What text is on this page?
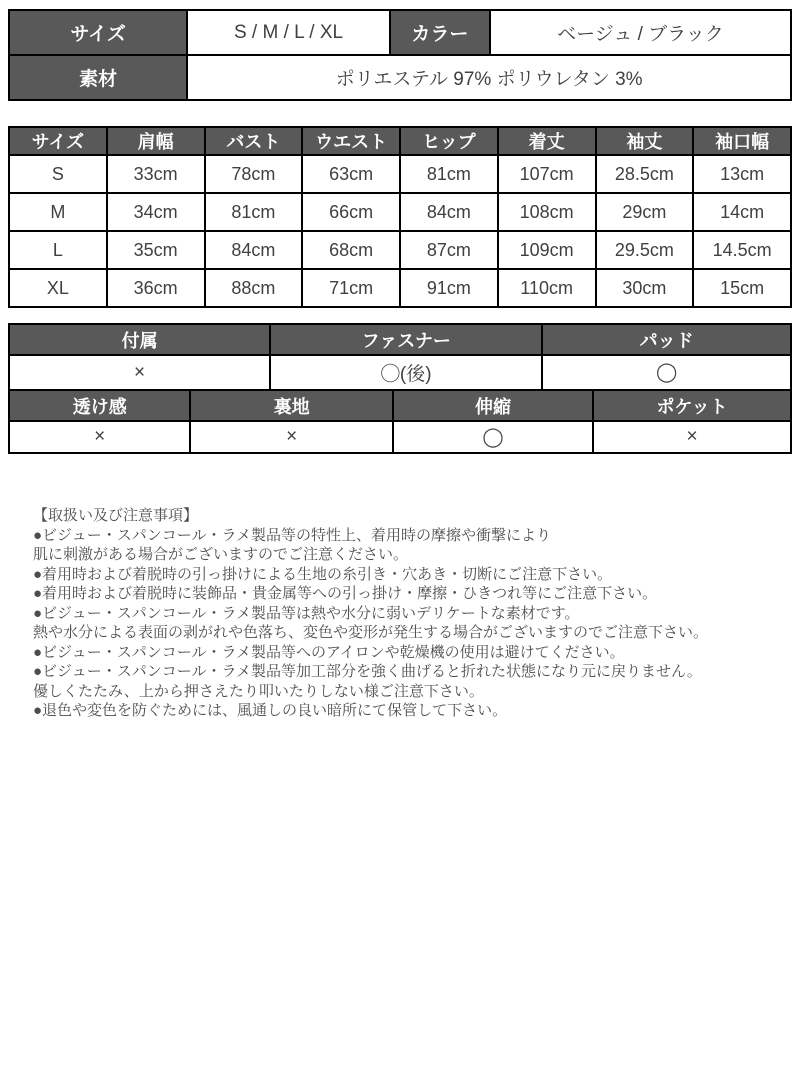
サイズ	S / M / L / XL	カラー	ベージュ / ブラック
素材	ポリエステル 97% ポリウレタン 3%		
サイズ	肩幅	バスト	ウエスト	ヒップ	着丈	袖丈	袖口幅
S	33cm	78cm	63cm	81cm	107cm	28.5cm	13cm
M	34cm	81cm	66cm	84cm	108cm	29cm	14cm
L	35cm	84cm	68cm	87cm	109cm	29.5cm	14.5cm
XL	36cm	88cm	71cm	91cm	110cm	30cm	15cm
付属	ファスナー	パッド
×	◯(後)	◯
透け感	裏地	伸縮	ポケット
×	×	◯	×
【取扱い及び注意事項】
●ビジュー・スパンコール・ラメ製品等の特性上、着用時の摩擦や衝撃により
肌に刺激がある場合がございますのでご注意ください。
●着用時および着脱時の引っ掛けによる生地の糸引き・穴あき・切断にご注意下さい。
●着用時および着脱時に装飾品・貴金属等への引っ掛け・摩擦・ひきつれ等にご注意下さい。
●ビジュー・スパンコール・ラメ製品等は熱や水分に弱いデリケートな素材です。
熱や水分による表面の剥がれや色落ち、変色や変形が発生する場合がございますのでご注意下さい。
●ビジュー・スパンコール・ラメ製品等へのアイロンや乾燥機の使用は避けてください。
●ビジュー・スパンコール・ラメ製品等加工部分を強く曲げると折れた状態になり元に戻りません。
優しくたたみ、上から押さえたり叩いたりしない様ご注意下さい。
●退色や変色を防ぐためには、風通しの良い暗所にて保管して下さい。
